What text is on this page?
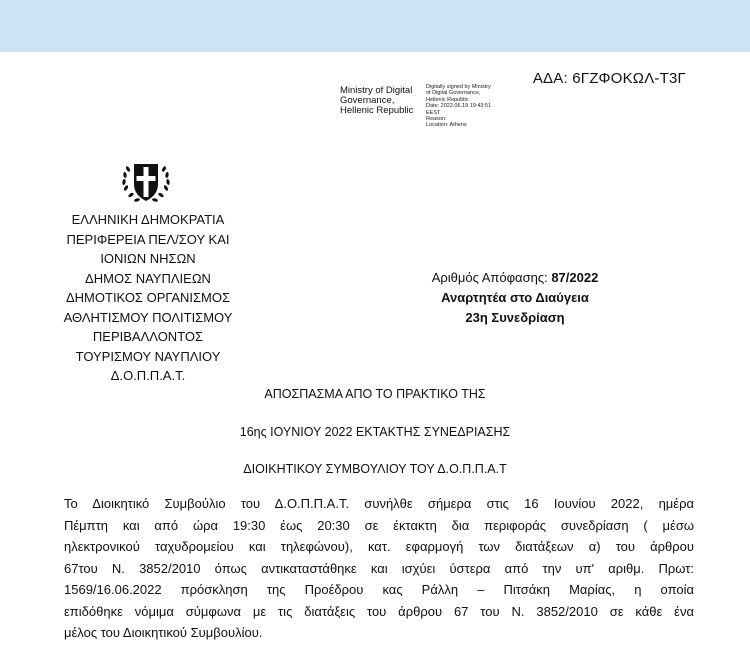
ΑΔΑ: 6ΓΖΦΟΚΩΛ-Τ3Γ
Ministry of Digital
Governance,
Hellenic Republic
Digitally signed by Ministry
of Digital Governance,
Hellenic Republic
Date: 2022.06.19 19:43:51
EEST
Reason:
Location: Athens
ΕΛΛΗΝΙΚΗ ΔΗΜΟΚΡΑΤΙΑ
ΠΕΡΙΦΕΡΕΙΑ ΠΕΛ/ΣΟΥ ΚΑΙ
ΙΟΝΙΩΝ ΝΗΣΩΝ
ΔΗΜΟΣ ΝΑΥΠΛΙΕΩΝ
ΔΗΜΟΤΙΚΟΣ ΟΡΓΑΝΙΣΜΟΣ
ΑΘΛΗΤΙΣΜΟΥ ΠΟΛΙΤΙΣΜΟΥ
ΠΕΡΙΒΑΛΛΟΝΤΟΣ
ΤΟΥΡΙΣΜΟΥ ΝΑΥΠΛΙΟΥ
Δ.Ο.Π.Π.Α.Τ.
Αριθμός Απόφασης: 87/2022
Αναρτητέα στο Διαύγεια
23η Συνεδρίαση
ΑΠΟΣΠΑΣΜΑ ΑΠΟ ΤΟ ΠΡΑΚΤΙΚΟ ΤΗΣ
16ης ΙΟΥΝΙΟΥ 2022 ΕΚΤΑΚΤΗΣ ΣΥΝΕΔΡΙΑΣΗΣ
ΔΙΟΙΚΗΤΙΚΟΥ ΣΥΜΒΟΥΛΙΟΥ ΤΟΥ Δ.Ο.Π.Π.Α.Τ
Το Διοικητικό Συμβούλιο του Δ.Ο.Π.Π.Α.Τ. συνήλθε σήμερα στις 16 Ιουνίου 2022, ημέρα
Πέμπτη και από ώρα 19:30 έως 20:30 σε έκτακτη δια περιφοράς συνεδρίαση ( μέσω
ηλεκτρονικού ταχυδρομείου και τηλεφώνου), κατ. εφαρμογή των διατάξεων α) του άρθρου
67του Ν. 3852/2010 όπως αντικαταστάθηκε και ισχύει ύστερα από την υπ' αριθμ. Πρωτ:
1569/16.06.2022 πρόσκληση της Προέδρου κας Ράλλη – Πιτσάκη Μαρίας, η οποία
επιδόθηκε νόμιμα σύμφωνα με τις διατάξεις του άρθρου 67 του Ν. 3852/2010 σε κάθε ένα
μέλος του Διοικητικού Συμβουλίου.
